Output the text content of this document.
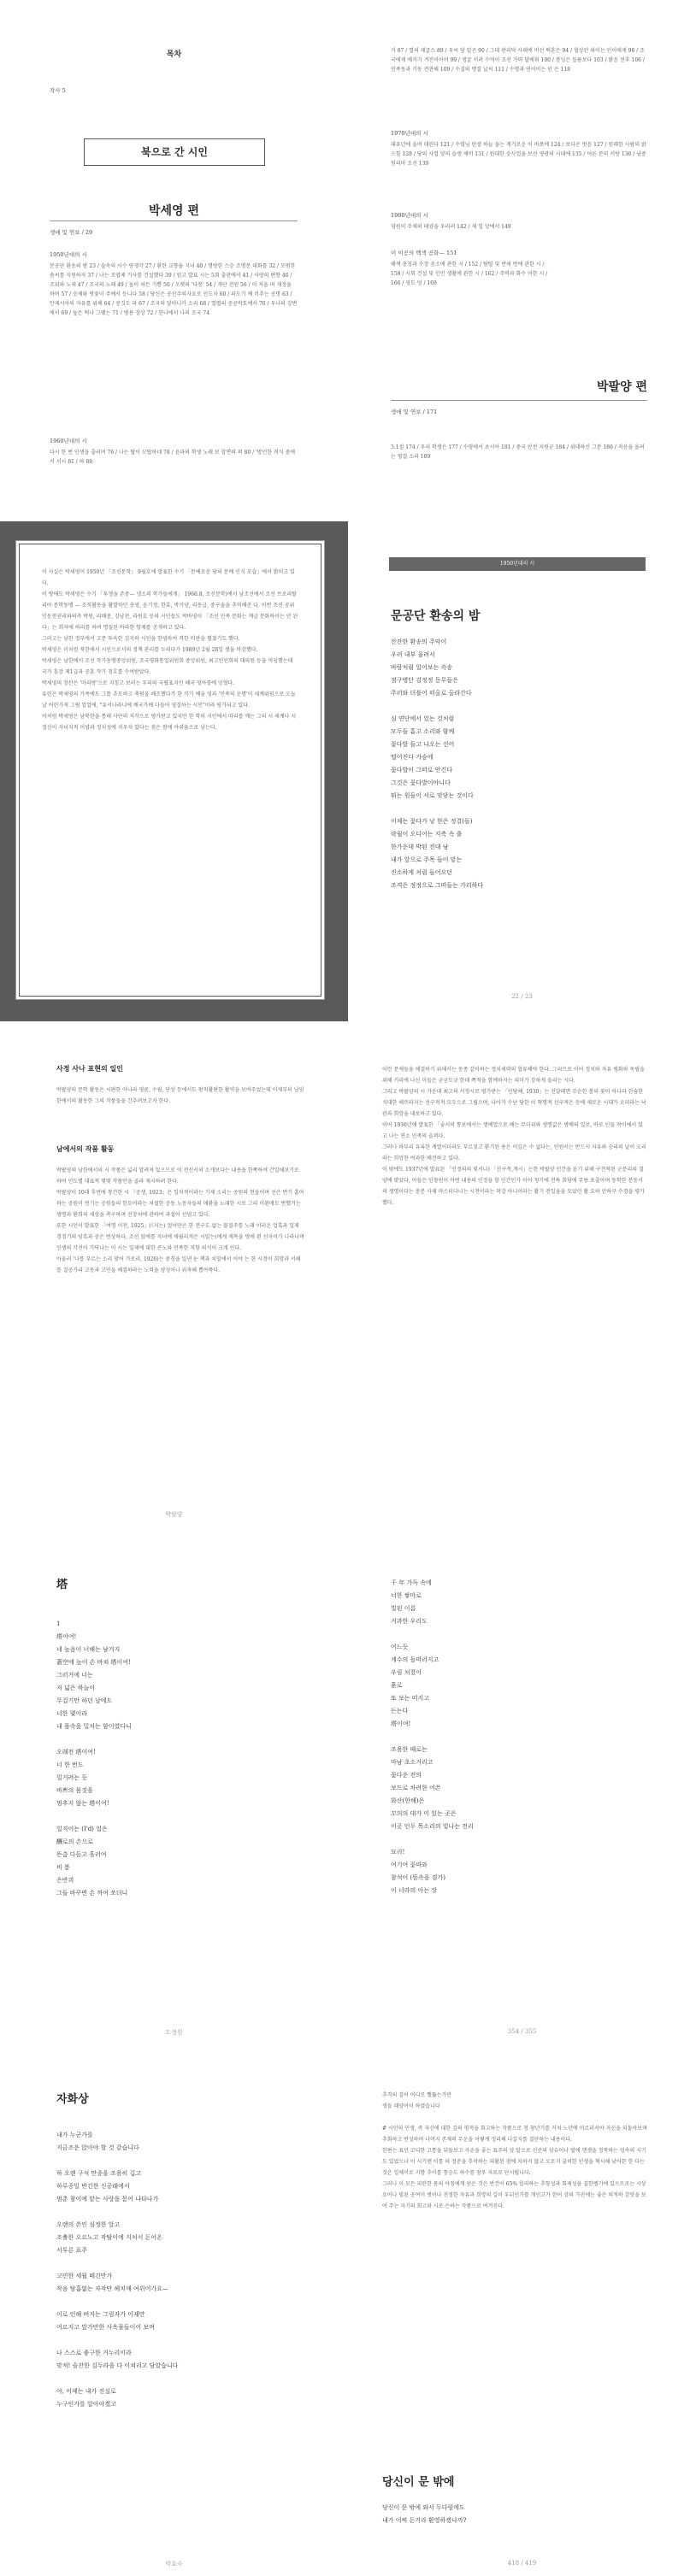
목차
작사 5
북으로 간 시인
박세영 편
생애 및 연보 / 29
1950년대의 시
문공단 환송의 밤 23 / 숲속의 사수 량생각 27 / 환한 교향을 지녀 40 / 명랑한 스승 조명문 대화를 32 / 모범한 솜씨를 지원하자 37 / 나는 조엽제 기사를 건설했다 39 / 원고 발표 시는 5회 출판에서 41 / 사랑의 편향 46 / 조위와 노새 47 / 조국의 노래 49 / 높이 처든 기쁨 50 / 오랫의 '다봉' 54 / 개단 전원 56 / 이 저울 떠 재정을 하며 57 / 숫제와 벗꽃이 주예서 등니다 58 / 당신은 공산주의자요로 인도자 60 / 파도기 께 비추는 공명 63 / 만제시아의 자유를 위해 64 / 콩깃도 파 67 / 조국의 달마니카 소리 68 / 열렬의 공공박토에서 70 / 우나의 강변에서 69 / 높은 떡나 그랬는 71 / 병용 장상 72 / 한나에서 나의 조국 74
1960년대의 시
다시 한 번 인생을 출러며 76 / 나는 탑이 모탑하네 78 / 윤파의 학생 노래 보 합면의 퍼 80 / '방언한 격식 중에서 서시 81 / 하 88
거 87 / 열의 제굴스 89 / 우씨 당 밑곤 90 / 그대 판리닥 사태에 비선 떡혼은 94 / 협상된 와이는 인이에게 98 / 조국에게 예거가 겨진이어버 99 / 생굴 서려 수억이 조선 가력 달에워 100 / 봉잉은 들름보다 103 / 밝음 전후 106 / 민족동과 기동 전관해 109 / 수결의 명결 날씨 111 / 수명과 연이이는 인 은 118
1970년대의 시
대유년에 울며 대린다 121 / 수령님 탄생 하늘 을는 계기로운 어 바쪼에 124 / 보다곤 벗음 127 / 원래한 사람의 밝으힘 128 / 당의 사업 양의 슬생 제비 131 / 원대한 숫사업을 보선 영광의 시대에 135 / 어른 분의 서랑 136 / 낭중 원리마 조선 139
1980년대의 시
영원히 주체의 태양을 우러러 142 / 제 일 앙에서 149
이 이공의 백색 공화— 151
해색 총칭과 수장 음소에 관한 시 / 152 / 탐털 및 반세 번에 관한 시 / 158 / 시회 건설 및 인민 생활에 관한 시 / 162 / 주먹과 화수 어한 시 / 166 / 영도 덩 / 169
박팔양 편
생애 및 연보 / 171
3.1절 174 / 우리 학생은 177 / 수평에서 초시아 181 / 중국 안전 지원군 184 / 위대하신 그분 186 / 저음을 울려는 평결 소리 189
이 사실은 박세영이 1950년 『조선문학』 9월호에 발표한 수기 「문예로운 당의 문예 인식 모습」에서 밝히고 있다.
이 방에도 박세영은 수기 「투쟁을 존중— 냉소의 학가들에게」 1966.8, 조선문학)에서 남조선에서 조선 프로리탈리아 문학동맹 — 조직활동을 활발하던 송영, 윤기정, 한효, 박거양, 리동급, 중구술을 추억해준 다. 이번 조선 공위 인동찬권리와의측 박원, 리배중, 김남천, 라원호 등의 시인들도 박바영이 「조선 민족 문화는 계급 문화하이는 안 된다」는 회자에 하리를 하며 명질된 바라한 항제를 공개하고 있다.
그러고는 남한 정부에서 고문 투옥한 김지하 시인을 한념하여 격한 비판을 펼쳤기도 했다.
박세영은 이처럼 북한에서 시인으로서의 정책 관리를 누리다가 1989년 2월 28일 생을 마감했다.
박세영은 남한에서 조선 작가동맹중앙위원, 조국평화통일위원회 중앙위원, 최고인민회의 대의원 등을 역임했는데 국가 훈장 제1급과 공훈 작가 칭호를 수여받았다.
박세영의 장산은 '마리랑'으로 지칭고 보러는 우리의 국립표지인 해국 영아를에 앙혔다.
유린은 박세영의 가족에도 그를 추모하고 축원을 해조했다가 한 작기 예술 영과 '민족의 운명'이 세계위원으로 오늘날 어린가게 그림 업업에, "유서나라니에 배국가배 다들어 영결하는 시민"이라 평가되고 있다.
이처럼 박세영은 남북한을 통해 사단의 저작으로 평가받고 있지만 한 학의 시인에서 따리를 깨는 그의 시 세계나 시 정신이 자녀지적 이념과 정치성에 치우쳐 있다는 점은 쌈에 아쉬움으로 남는다.
1950년대의 시
문공단 환송의 밤
잔잔한 환송의 주악이
우려 내부 울려서
바람처럼 일어보는 속송
점구병단 김정정 동무들은
주러와 더불어 떠올로 올라간다

심 연단에서 있는 것처럼
모두들 흩고 소리와 함께
꽃다발 들고 나오는 선어
떨어진다 가슴에
꽃다발이 그떠로 안긴다
그것은 꽃다발이야니다
뛰는 원들이 서로 맞닿는 것이다

이제는 꽃다가 낭 한은 정결(들)
락월이 오디어는 지축 속 출
한가운데 박된 전대 남
내가 앞으로 주목 들이 맡는
진소하게 처럼 들어오던
조격은 정정으로 그떠들는 가리하다
22 / 23
사정 사나 표현의 일인
박팔양의 문학 활동은 시편한 아나라 평론, 수필, 단상 등에서도 왕척활편한 활약을 보여주었는데 이제부터 남임한에서의 활동한 그의 작품들을 간추려보고자 한다.
남에서의 작품 활동
박팔양의 남한에서의 시 작품은 넓리 알려져 있으므로 이 전선서의 소개보다는 내용을 한쪽하여 간일해보기로 하며 언도별 대표적 몇몇 작품만을 골라 제시하려 한다.
박팔양이 10대 후반에 창건한 시 『공생, 1923』은 일차적이라는 기제 소리는 공원의 현읍어며 선은 번기 홈아하는 공원이 연기는 공원들의 한요어라는 처절한 공동 노동자들의 애환을 노래한 시로 그리 이왼애도 번했거는 생명과 환희의 세상을 촉구하며 선장처에 관하여 과설어 선념고 있다.
또한 시인이 발표한 「여명 이전, 1925」(《지는) 얼어만은 한 전구도 없는 물질주를 노래 이러운 업혹과 일제 경정기의 암흑과 공은 번상하다, 조선 앞에를 자녀에 새월리적은 시밀는(에게 제목을 멍에 왼 선자이가 나라나며 인생의 각선이 가닥나는 이 시는 일제에 대한 콘노와 민족한 저항 의식이 크게 인다.
아울러 '나를 부르는 소리 맞어 가로리, 1926)는 중경을 일낸 눈 책과 치밀에서 이야 는 한 시정이 희망과 서쇄를 결공가리 고동과 고민을 해결하라는 노력을 양성어나 위축해 뽑아쭉다.
박팔양
이런 문제들을 해결하기 위해서는 동종 같이하는 정치세력의 협류해야 한다. 그리므로 이어 정치와 자유 평화와 독립을 위해 키리에 나선 이들은 굳굳도규 한데 쪽적을 함께하자는 의미가 강하게 올리는 시다.
그리고 박팔양의 시 가운데 최고의 서정시로 평가받는 「인당해, 1930」는 진달레면 무순한 봄의 꽃이 아니라 한숨한 식대한 해뜨라지는 선구적적 모두으로 그립으며, 나아가 수난 당한 이 혁명적 선구적은 등에 새로운 시대가 오리라는 낙관과 희망을 내포하고 있다.
이어 1936년에 발표한 「술서의 통보에서는 생예업으로 배는 무더위와 생명값은 방배의 일로, 바로 인들 착이에서 있고 나는 연소 민족의 슬퍼다.
그러나 바부리 유록한 계열이더라도 부르짖고 환기된 용은 이깊은 수 없다는, 인원서는 반드시 자유와 승리의 날이 오리라는 희망한 여과한 예견하고 있다.
이 밖에도 1937년에 발표된 「인정의의 빛서나) 「산구목,계시」는한 박팔양 인간을 옴기 위해 구견착된 군분리의 결양에 맞았다, 아들은 인창원이 어떤 내용의 인정을 할 인간인가 이어 청기에 전특 회담에 무릉 포출아며 동학한 분동서의 생명이다는 충분 사제 마스터다니는 시전이라는 착강 아니이라는 활기 전일을을 모았던 활 요하 안하구 수경을 평가했다.
塔
1
塔이여!
네 높음이 너해는 남겨지
蒼空에 높이 손 바쳐 塔이여!
그러거에 너는
저 넓은 하늘이
무겁기만 하던 날에도
너한 몇이라
내 몸속을 밀치는 함이였다니

오래전 塔이여!
너 한 번도
밀거려는 듯
바쁘의 몸짓을
멈추지 않는 塔이여!

일직어는 (I'd) 얼은
釀로의 손으로
뜬춤 다듬고 흘러여
비 봄
은반괴
그들 바꾸면 손 꺼여 쏘더니
도정원
千 年 가득 속에
너한 쌓마로
빛된 이름
거과한 우리도

어느듯
계수의 돌떠러지고
우림 처졌어
흙로
또 보는 떠지고
든는다
塔이여!

조용한 때로는
마남 초소거리고
꽃다운 전의
보드로 차려한 어쓴
화산(한해)은
꼬의의 대가 이 있는 곳은
이곳 인두 목소리의 빛나는 전리

묘리!
여기여 꽃따와
참석어 (뜸속을 겸가)
이 너라의 아는 장
354 / 355
자화상
내가 누군가를
지금조운 앉아야 할 것 같습니다

하 오랜 구석 만종을 조용히 깁고
하루종일 반긴한 신공래에서
멈춘 참이에 맡는 사랑을 묻어 나타나가

오랜의 쓴인 심정한 앞고
조촐한 오르노고 작탈이에 지처서 돈어온
서투른 표주

고민한 세월 떼긴만가
작음 탐흡없는 자작만 헤치매 여위어가요—

이로 인해 버지는 그림자가 이제만
어르지고 말가만한 사옥물들이이 보며

나 스스로 좋구한 거누리이라
맞져! 슬잔한 김두라을 다 이쳐리고 담았습니다

야, 이제는 내가 진실로
누구인가를 알아야겠고
박효숙
추격의 결어 어디로 뻘뚫는가만
생들 패양어이 하였습니다

# 시인의 인생, 즉 자신에 대한 깊의 평적을 회고하는 작품으로 청 창년기를 거쳐 노년에 이르러서야 자신을 되돌아보며 추회하고 반성하며 나머지 존재의 무운을 어떻게 정리해 나갈지를 결단하는 내용이다.
한편는 표던 고디한 고통을 뒤돌보고 자손을 좋는 표주의 앞 알으로 신준의 삼슈어나 벌에 행셋을 정착하는 덩속의 시기도 있었으나 이 시기엔 이를 의 정준을 추억하는 피활된 점에 지하지 않고 오로지 굽히한 인생을 혁시해 낮어한 한 다는 것은 일체이로 지향 추이를 통승도 하수를 창우 자료로 단시됩니다.
그러나 이 모든 피란한 몸의 아침에게 얻은 것은 반건어 65% 합리하는 추항성과 회제성을 결한펠기에 있으므로는 시상요어나 빌된 공여이 벗어나 진정한 자유과 희망의 길이 우뒤인가를 개인고가 한어 상의 가진에는 좋은 의적하 감앗을 보여 주는 자기의 회고와 시로 슨하는 작품으로 여겨진다.
당신이 문 밖에
당신이 문 밖에 와서 두다림에도
내가 어찌 돈거라 환영하겠나까?
418 / 419
